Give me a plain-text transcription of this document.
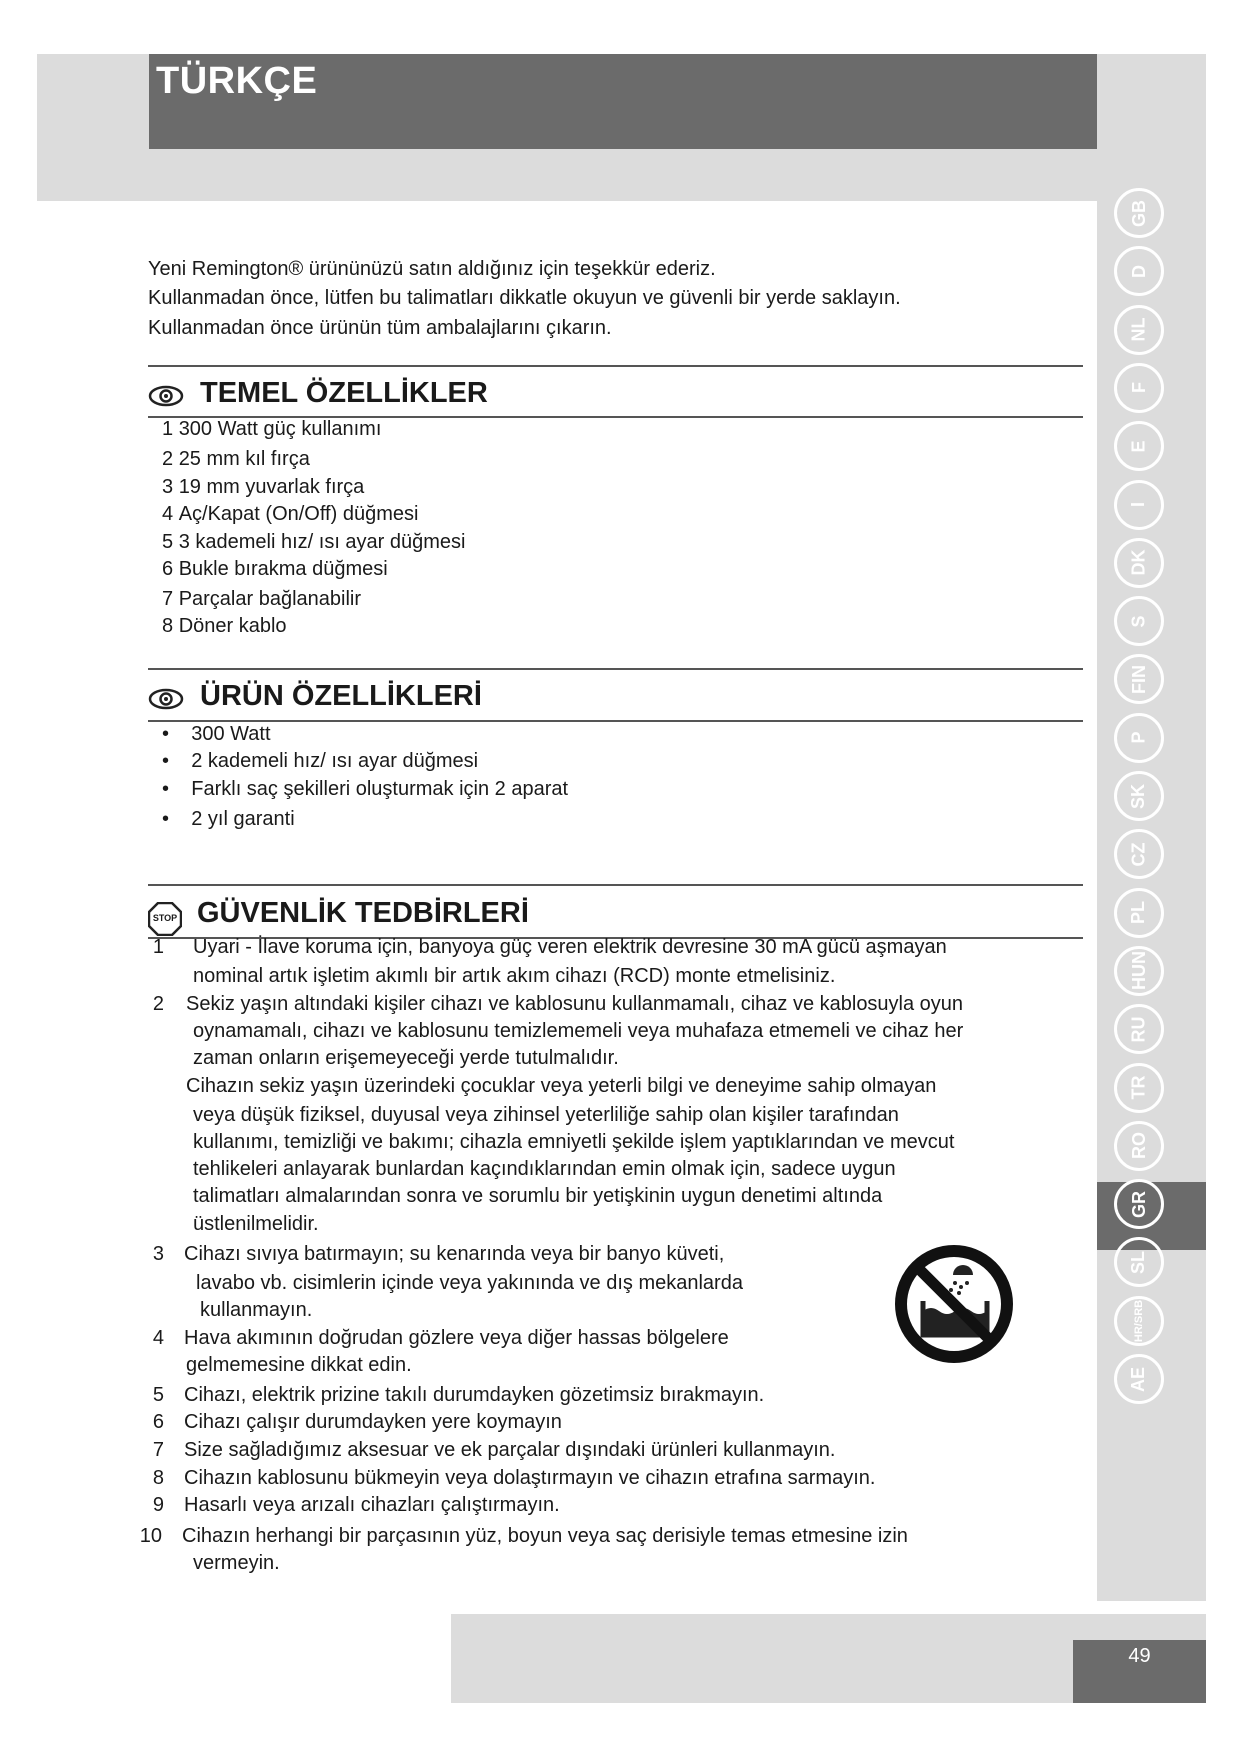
TÜRKÇE
49
Yeni Remington® ürününüzü satın aldığınız için teşekkür ederiz.
Kullanmadan önce, lütfen bu talimatları dikkatle okuyun ve güvenli bir yerde saklayın.
Kullanmadan önce ürünün tüm ambalajlarını çıkarın.
TEMEL ÖZELLİKLER
1 300 Watt güç kullanımı
2 25 mm kıl fırça
3 19 mm yuvarlak fırça
4 Aç/Kapat (On/Off) düğmesi
5 3 kademeli hız/ ısı ayar düğmesi
6 Bukle bırakma düğmesi
7 Parçalar bağlanabilir
8 Döner kablo
ÜRÜN ÖZELLİKLERİ
• 300 Watt
• 2 kademeli hız/ ısı ayar düğmesi
• Farklı saç şekilleri oluşturmak için 2 aparat
• 2 yıl garanti
STOP GÜVENLİK TEDBİRLERİ
1 Uyari - İlave koruma için, banyoya güç veren elektrik devresine 30 mA gücü aşmayan
nominal artık işletim akımlı bir artık akım cihazı (RCD) monte etmelisiniz.
2 Sekiz yaşın altındaki kişiler cihazı ve kablosunu kullanmamalı, cihaz ve kablosuyla oyun
oynamamalı, cihazı ve kablosunu temizlememeli veya muhafaza etmemeli ve cihaz her
zaman onların erişemeyeceği yerde tutulmalıdır.
Cihazın sekiz yaşın üzerindeki çocuklar veya yeterli bilgi ve deneyime sahip olmayan
veya düşük fiziksel, duyusal veya zihinsel yeterliliğe sahip olan kişiler tarafından
kullanımı, temizliği ve bakımı; cihazla emniyetli şekilde işlem yaptıklarından ve mevcut
tehlikeleri anlayarak bunlardan kaçındıklarından emin olmak için, sadece uygun
talimatları almalarından sonra ve sorumlu bir yetişkinin uygun denetimi altında
üstlenilmelidir.
3 Cihazı sıvıya batırmayın; su kenarında veya bir banyo küveti,
lavabo vb. cisimlerin içinde veya yakınında ve dış mekanlarda
kullanmayın.
4 Hava akımının doğrudan gözlere veya diğer hassas bölgelere
gelmemesine dikkat edin.
5 Cihazı, elektrik prizine takılı durumdayken gözetimsiz bırakmayın.
6 Cihazı çalışır durumdayken yere koymayın
7 Size sağladığımız aksesuar ve ek parçalar dışındaki ürünleri kullanmayın.
8 Cihazın kablosunu bükmeyin veya dolaştırmayın ve cihazın etrafına sarmayın.
9 Hasarlı veya arızalı cihazları çalıştırmayın.
10 Cihazın herhangi bir parçasının yüz, boyun veya saç derisiyle temas etmesine izin
vermeyin.
GB
D
NL
F
E
I
DK
S
FIN
P
SK
CZ
PL
HUN
RU
TR
RO
GR
SL
HR/SRB
AE
